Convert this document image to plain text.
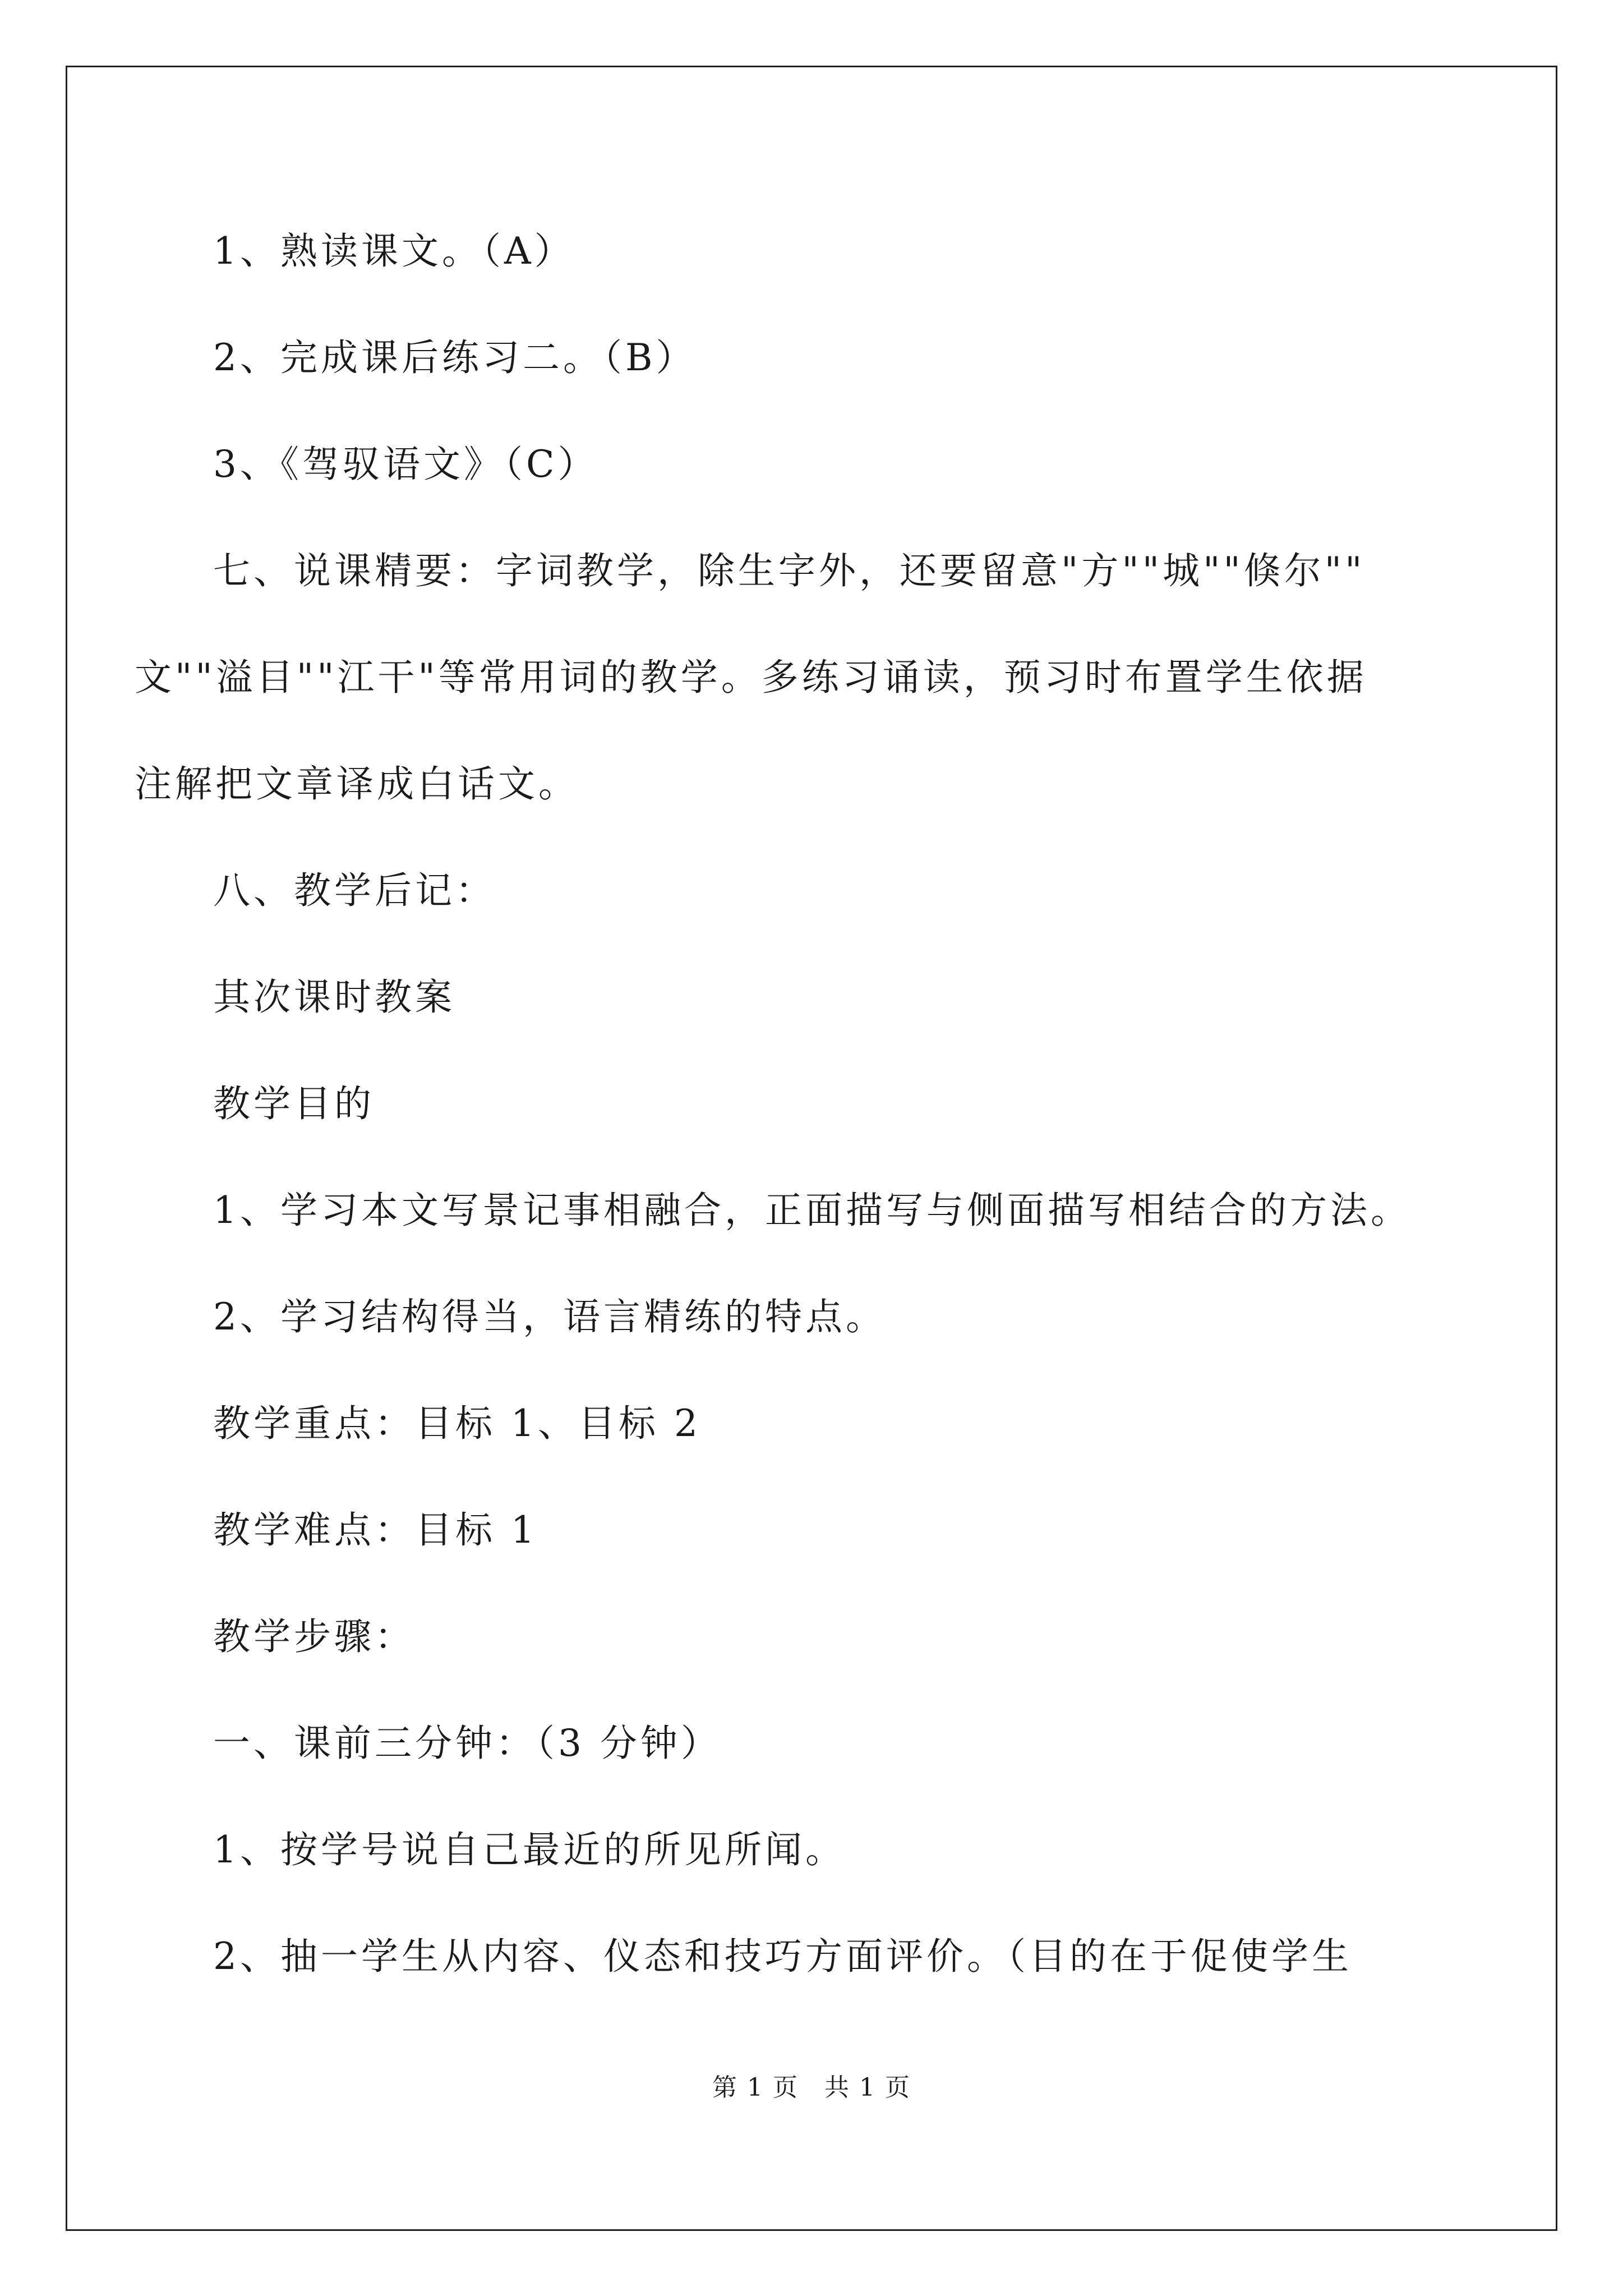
1、熟读课文。（A）

2、完成课后练习二。（B）

3、《驾驭语文》（C）

七、说课精要：字词教学，除生字外，还要留意"方""城""倏尔""

文""溢目""江干"等常用词的教学。多练习诵读，预习时布置学生依据

注解把文章译成白话文。

八、教学后记：

其次课时教案

教学目的

1、学习本文写景记事相融合，正面描写与侧面描写相结合的方法。

2、学习结构得当，语言精练的特点。

教学重点：目标 1、目标 2

教学难点：目标 1

教学步骤：

一、课前三分钟：（3 分钟）

1、按学号说自己最近的所见所闻。

2、抽一学生从内容、仪态和技巧方面评价。（目的在于促使学生

第 1 页　共 1 页
